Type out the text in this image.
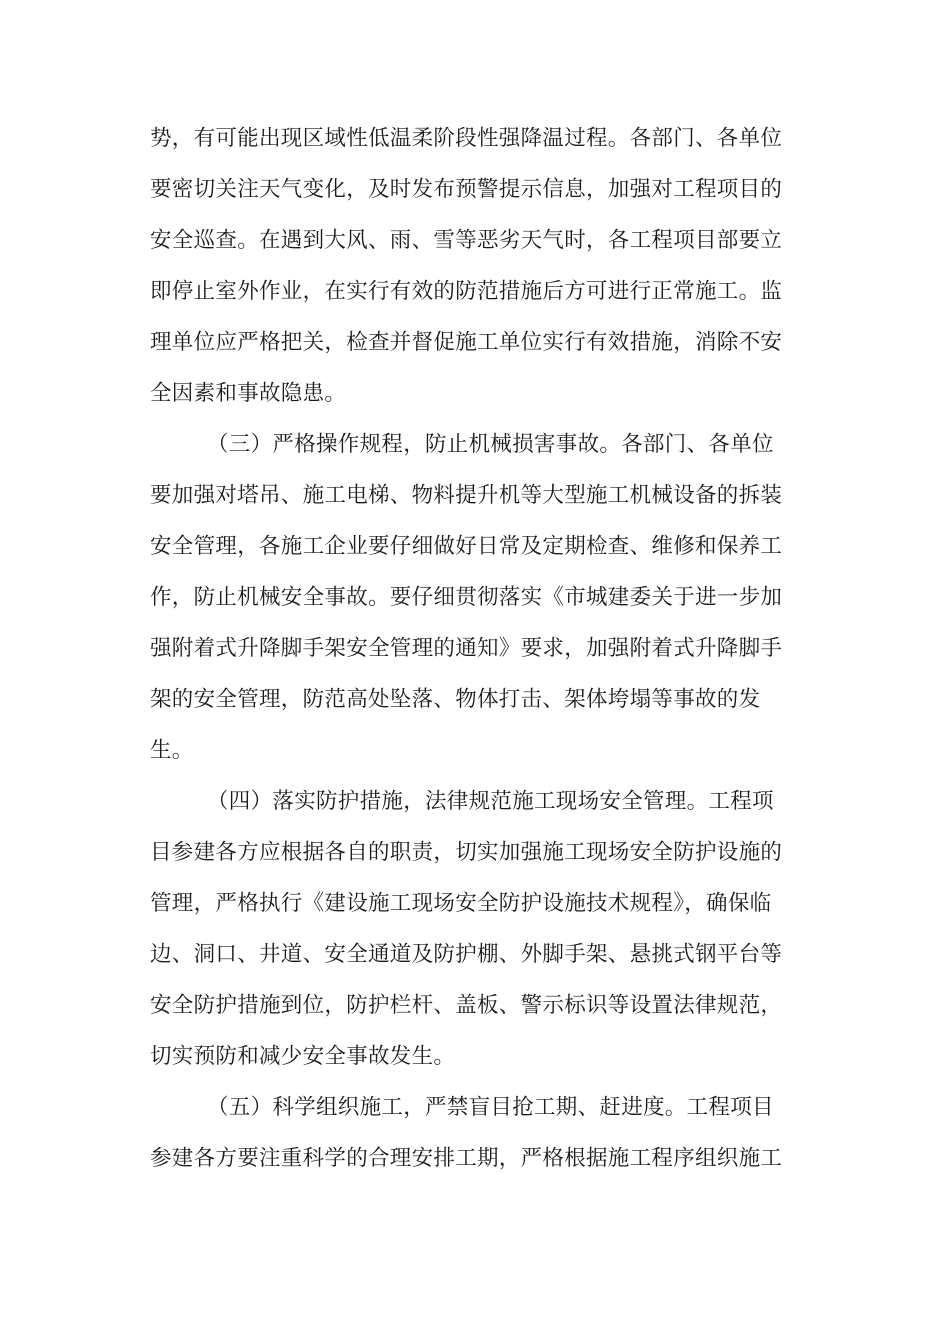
势，有可能出现区域性低温柔阶段性强降温过程。各部门、各单位
要密切关注天气变化，及时发布预警提示信息，加强对工程项目的
安全巡查。在遇到大风、雨、雪等恶劣天气时，各工程项目部要立
即停止室外作业，在实行有效的防范措施后方可进行正常施工。监
理单位应严格把关，检查并督促施工单位实行有效措施，消除不安
全因素和事故隐患。
（三）严格操作规程，防止机械损害事故。各部门、各单位
要加强对塔吊、施工电梯、物料提升机等大型施工机械设备的拆装
安全管理，各施工企业要仔细做好日常及定期检查、维修和保养工
作，防止机械安全事故。要仔细贯彻落实《市城建委关于进一步加
强附着式升降脚手架安全管理的通知》要求，加强附着式升降脚手
架的安全管理，防范高处坠落、物体打击、架体垮塌等事故的发
生。
（四）落实防护措施，法律规范施工现场安全管理。工程项
目参建各方应根据各自的职责，切实加强施工现场安全防护设施的
管理，严格执行《建设施工现场安全防护设施技术规程》，确保临
边、洞口、井道、安全通道及防护棚、外脚手架、悬挑式钢平台等
安全防护措施到位，防护栏杆、盖板、警示标识等设置法律规范，
切实预防和减少安全事故发生。
（五）科学组织施工，严禁盲目抢工期、赶进度。工程项目
参建各方要注重科学的合理安排工期，严格根据施工程序组织施工
